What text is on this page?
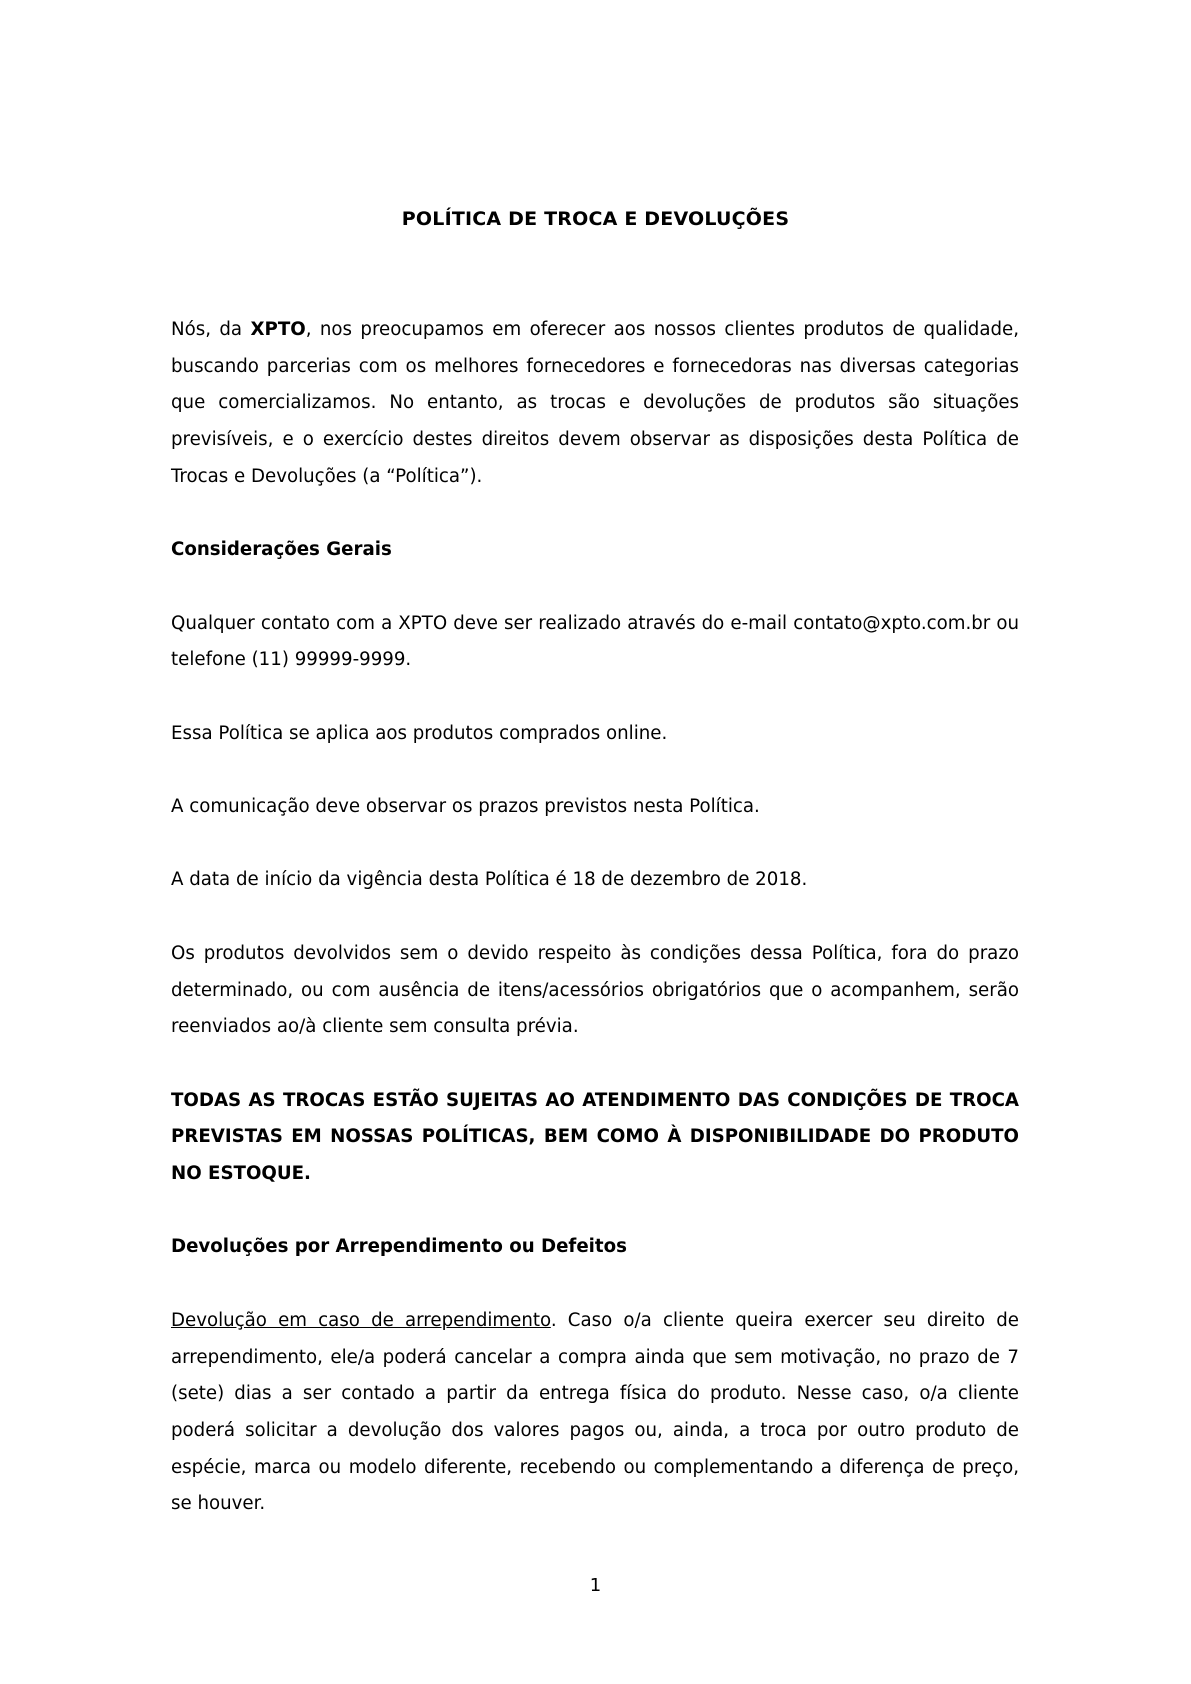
POLÍTICA DE TROCA E DEVOLUÇÕES

Nós, da XPTO, nos preocupamos em oferecer aos nossos clientes produtos de qualidade, buscando parcerias com os melhores fornecedores e fornecedoras nas diversas categorias que comercializamos. No entanto, as trocas e devoluções de produtos são situações previsíveis, e o exercício destes direitos devem observar as disposições desta Política de Trocas e Devoluções (a “Política”).

Considerações Gerais

Qualquer contato com a XPTO deve ser realizado através do e-mail contato@xpto.com.br ou telefone (11) 99999-9999.

Essa Política se aplica aos produtos comprados online.

A comunicação deve observar os prazos previstos nesta Política.

A data de início da vigência desta Política é 18 de dezembro de 2018.

Os produtos devolvidos sem o devido respeito às condições dessa Política, fora do prazo determinado, ou com ausência de itens/acessórios obrigatórios que o acompanhem, serão reenviados ao/à cliente sem consulta prévia.

TODAS AS TROCAS ESTÃO SUJEITAS AO ATENDIMENTO DAS CONDIÇÕES DE TROCA PREVISTAS EM NOSSAS POLÍTICAS, BEM COMO À DISPONIBILIDADE DO PRODUTO NO ESTOQUE.

Devoluções por Arrependimento ou Defeitos

Devolução em caso de arrependimento. Caso o/a cliente queira exercer seu direito de arrependimento, ele/a poderá cancelar a compra ainda que sem motivação, no prazo de 7 (sete) dias a ser contado a partir da entrega física do produto. Nesse caso, o/a cliente poderá solicitar a devolução dos valores pagos ou, ainda, a troca por outro produto de espécie, marca ou modelo diferente, recebendo ou complementando a diferença de preço, se houver.

1
